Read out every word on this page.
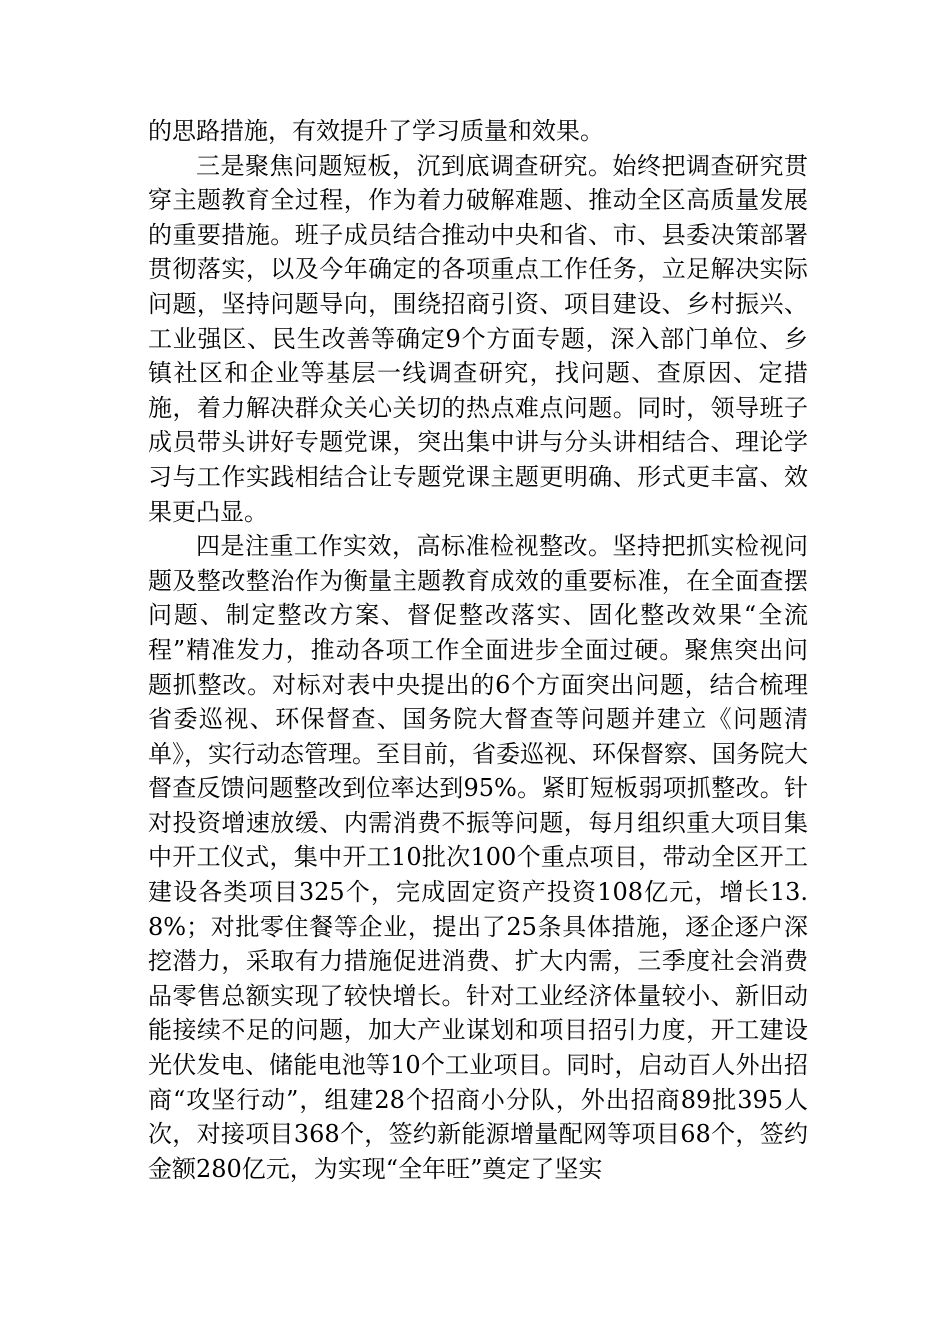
的思路措施，有效提升了学习质量和效果。

三是聚焦问题短板，沉到底调查研究。始终把调查研究贯穿主题教育全过程，作为着力破解难题、推动全区高质量发展的重要措施。班子成员结合推动中央和省、市、县委决策部署贯彻落实，以及今年确定的各项重点工作任务，立足解决实际问题，坚持问题导向，围绕招商引资、项目建设、乡村振兴、工业强区、民生改善等确定9个方面专题，深入部门单位、乡镇社区和企业等基层一线调查研究，找问题、查原因、定措施，着力解决群众关心关切的热点难点问题。同时，领导班子成员带头讲好专题党课，突出集中讲与分头讲相结合、理论学习与工作实践相结合让专题党课主题更明确、形式更丰富、效果更凸显。

四是注重工作实效，高标准检视整改。坚持把抓实检视问题及整改整治作为衡量主题教育成效的重要标准，在全面查摆问题、制定整改方案、督促整改落实、固化整改效果“全流程”精准发力，推动各项工作全面进步全面过硬。聚焦突出问题抓整改。对标对表中央提出的6个方面突出问题，结合梳理省委巡视、环保督查、国务院大督查等问题并建立《问题清单》，实行动态管理。至目前，省委巡视、环保督察、国务院大督查反馈问题整改到位率达到95%。紧盯短板弱项抓整改。针对投资增速放缓、内需消费不振等问题，每月组织重大项目集中开工仪式，集中开工10批次100个重点项目，带动全区开工建设各类项目325个，完成固定资产投资108亿元，增长13.8%；对批零住餐等企业，提出了25条具体措施，逐企逐户深挖潜力，采取有力措施促进消费、扩大内需，三季度社会消费品零售总额实现了较快增长。针对工业经济体量较小、新旧动能接续不足的问题，加大产业谋划和项目招引力度，开工建设光伏发电、储能电池等10个工业项目。同时，启动百人外出招商“攻坚行动”，组建28个招商小分队，外出招商89批395人次，对接项目368个，签约新能源增量配网等项目68个，签约金额280亿元，为实现“全年旺”奠定了坚实
